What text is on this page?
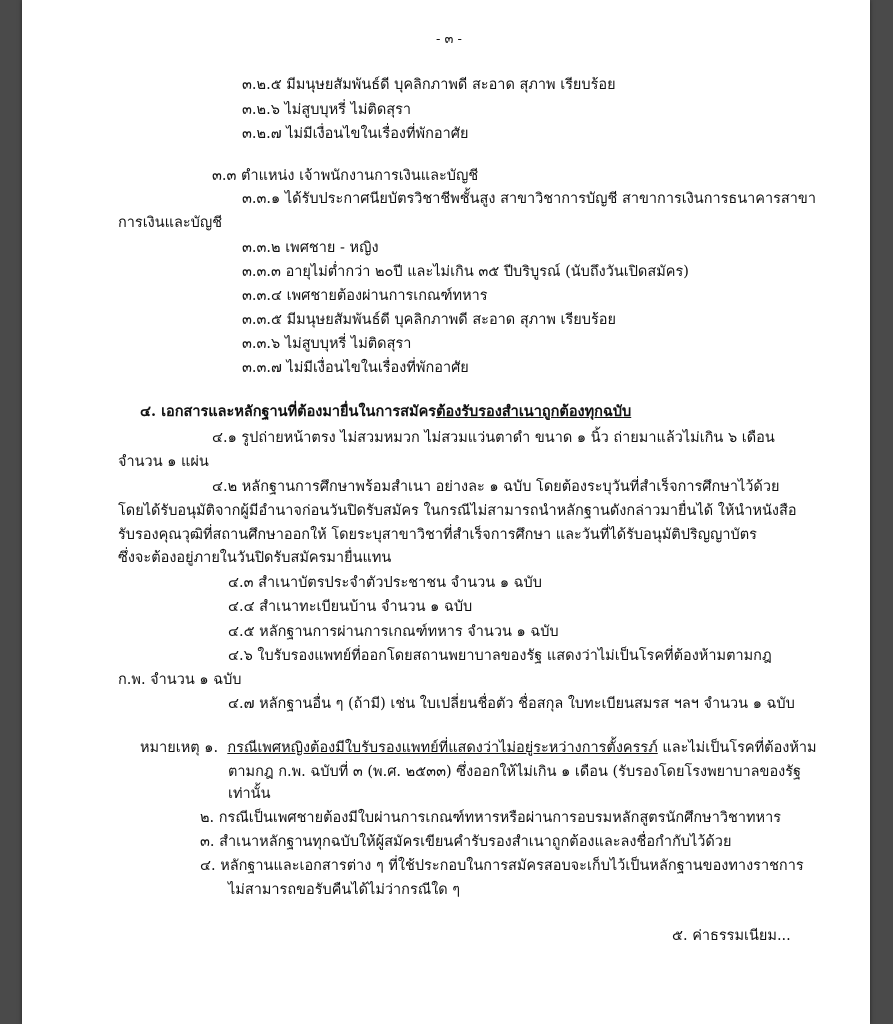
- ๓ -
๓.๒.๕ มีมนุษยสัมพันธ์ดี บุคลิกภาพดี สะอาด สุภาพ เรียบร้อย
๓.๒.๖ ไม่สูบบุหรี่ ไม่ติดสุรา
๓.๒.๗ ไม่มีเงื่อนไขในเรื่องที่พักอาศัย
๓.๓ ตำแหน่ง เจ้าพนักงานการเงินและบัญชี
๓.๓.๑ ได้รับประกาศนียบัตรวิชาชีพชั้นสูง สาขาวิชาการบัญชี สาขาการเงินการธนาคารสาขา
การเงินและบัญชี
๓.๓.๒ เพศชาย - หญิง
๓.๓.๓ อายุไม่ต่ำกว่า ๒๐ปี และไม่เกิน ๓๕ ปีบริบูรณ์ (นับถึงวันเปิดสมัคร)
๓.๓.๔ เพศชายต้องผ่านการเกณฑ์ทหาร
๓.๓.๕ มีมนุษยสัมพันธ์ดี บุคลิกภาพดี สะอาด สุภาพ เรียบร้อย
๓.๓.๖ ไม่สูบบุหรี่ ไม่ติดสุรา
๓.๓.๗ ไม่มีเงื่อนไขในเรื่องที่พักอาศัย
๔. เอกสารและหลักฐานที่ต้องมายื่นในการสมัครต้องรับรองสำเนาถูกต้องทุกฉบับ
๔.๑ รูปถ่ายหน้าตรง ไม่สวมหมวก ไม่สวมแว่นตาดำ ขนาด ๑ นิ้ว ถ่ายมาแล้วไม่เกิน ๖ เดือน
จำนวน ๑ แผ่น
๔.๒ หลักฐานการศึกษาพร้อมสำเนา อย่างละ ๑ ฉบับ โดยต้องระบุวันที่สำเร็จการศึกษาไว้ด้วย
โดยได้รับอนุมัติจากผู้มีอำนาจก่อนวันปิดรับสมัคร ในกรณีไม่สามารถนำหลักฐานดังกล่าวมายื่นได้ ให้นำหนังสือ
รับรองคุณวุฒิที่สถานศึกษาออกให้ โดยระบุสาขาวิชาที่สำเร็จการศึกษา และวันที่ได้รับอนุมัติปริญญาบัตร
ซึ่งจะต้องอยู่ภายในวันปิดรับสมัครมายื่นแทน
๔.๓ สำเนาบัตรประจำตัวประชาชน จำนวน ๑ ฉบับ
๔.๔ สำเนาทะเบียนบ้าน จำนวน ๑ ฉบับ
๔.๕ หลักฐานการผ่านการเกณฑ์ทหาร จำนวน ๑ ฉบับ
๔.๖ ใบรับรองแพทย์ที่ออกโดยสถานพยาบาลของรัฐ แสดงว่าไม่เป็นโรคที่ต้องห้ามตามกฎ
ก.พ. จำนวน ๑ ฉบับ
๔.๗ หลักฐานอื่น ๆ (ถ้ามี) เช่น ใบเปลี่ยนชื่อตัว ชื่อสกุล ใบทะเบียนสมรส ฯลฯ จำนวน ๑ ฉบับ
หมายเหตุ ๑. กรณีเพศหญิงต้องมีใบรับรองแพทย์ที่แสดงว่าไม่อยู่ระหว่างการตั้งครรภ์ และไม่เป็นโรคที่ต้องห้าม
ตามกฎ ก.พ. ฉบับที่ ๓ (พ.ศ. ๒๕๓๓) ซึ่งออกให้ไม่เกิน ๑ เดือน (รับรองโดยโรงพยาบาลของรัฐ
เท่านั้น
๒. กรณีเป็นเพศชายต้องมีใบผ่านการเกณฑ์ทหารหรือผ่านการอบรมหลักสูตรนักศึกษาวิชาทหาร
๓. สำเนาหลักฐานทุกฉบับให้ผู้สมัครเขียนคำรับรองสำเนาถูกต้องและลงชื่อกำกับไว้ด้วย
๔. หลักฐานและเอกสารต่าง ๆ ที่ใช้ประกอบในการสมัครสอบจะเก็บไว้เป็นหลักฐานของทางราชการ
ไม่สามารถขอรับคืนได้ไม่ว่ากรณีใด ๆ
๕. ค่าธรรมเนียม...
